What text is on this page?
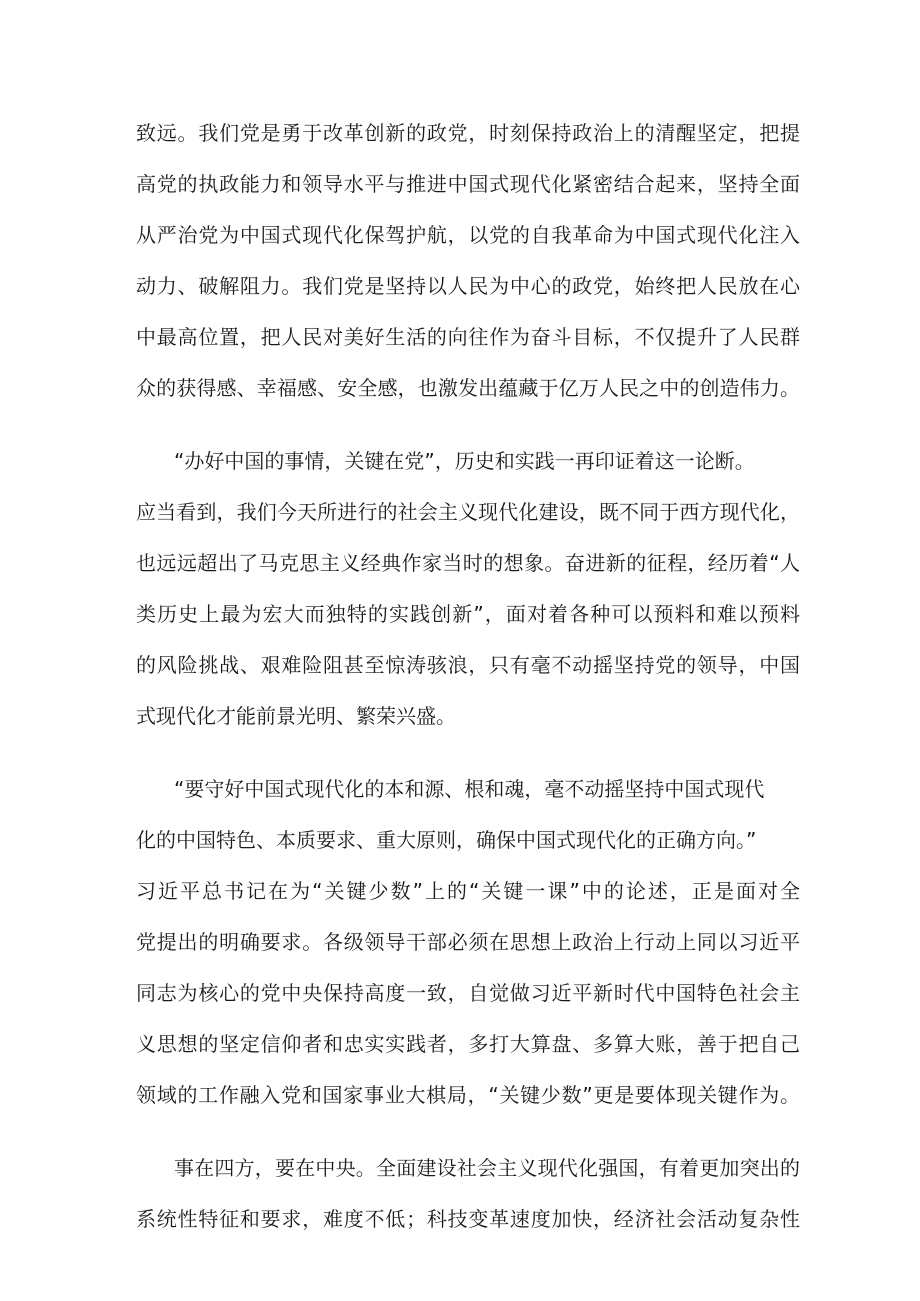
致远。我们党是勇于改革创新的政党，时刻保持政治上的清醒坚定，把提
高党的执政能力和领导水平与推进中国式现代化紧密结合起来，坚持全面
从严治党为中国式现代化保驾护航，以党的自我革命为中国式现代化注入
动力、破解阻力。我们党是坚持以人民为中心的政党，始终把人民放在心
中最高位置，把人民对美好生活的向往作为奋斗目标，不仅提升了人民群
众的获得感、幸福感、安全感，也激发出蕴藏于亿万人民之中的创造伟力。
“办好中国的事情，关键在党”，历史和实践一再印证着这一论断。
应当看到，我们今天所进行的社会主义现代化建设，既不同于西方现代化，
也远远超出了马克思主义经典作家当时的想象。奋进新的征程，经历着“人
类历史上最为宏大而独特的实践创新”，面对着各种可以预料和难以预料
的风险挑战、艰难险阻甚至惊涛骇浪，只有毫不动摇坚持党的领导，中国
式现代化才能前景光明、繁荣兴盛。
“要守好中国式现代化的本和源、根和魂，毫不动摇坚持中国式现代
化的中国特色、本质要求、重大原则，确保中国式现代化的正确方向。”
习近平总书记在为“关键少数”上的“关键一课”中的论述，正是面对全
党提出的明确要求。各级领导干部必须在思想上政治上行动上同以习近平
同志为核心的党中央保持高度一致，自觉做习近平新时代中国特色社会主
义思想的坚定信仰者和忠实实践者，多打大算盘、多算大账，善于把自己
领域的工作融入党和国家事业大棋局，“关键少数”更是要体现关键作为。
事在四方，要在中央。全面建设社会主义现代化强国，有着更加突出的
系统性特征和要求，难度不低；科技变革速度加快，经济社会活动复杂性
